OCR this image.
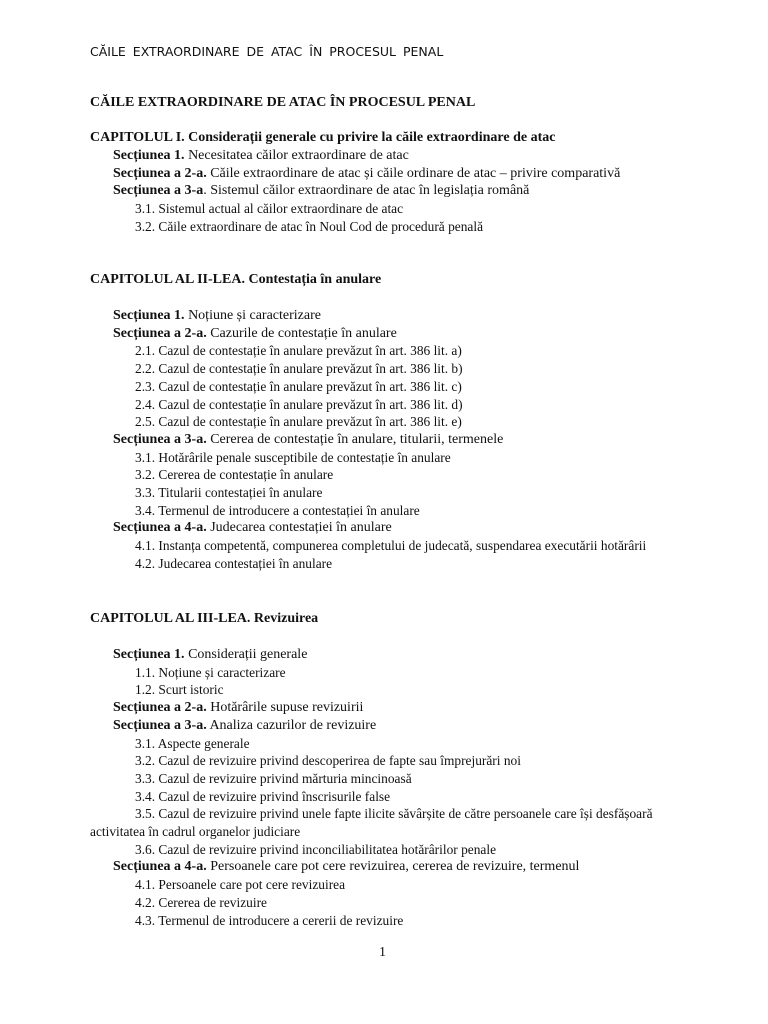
CĂILE EXTRAORDINARE DE ATAC ÎN PROCESUL PENAL
CĂILE EXTRAORDINARE DE ATAC ÎN PROCESUL PENAL

CAPITOLUL I. Considerații generale cu privire la căile extraordinare de atac

Secțiunea 1. Necesitatea căilor extraordinare de atac

Secțiunea a 2-a. Căile extraordinare de atac și căile ordinare de atac – privire comparativă

Secțiunea a 3-a. Sistemul căilor extraordinare de atac în legislația română

3.1. Sistemul actual al căilor extraordinare de atac

3.2. Căile extraordinare de atac în Noul Cod de procedură penală

CAPITOLUL AL II-LEA. Contestația în anulare

Secțiunea 1. Noțiune și caracterizare

Secțiunea a 2-a. Cazurile de contestație în anulare

2.1. Cazul de contestație în anulare prevăzut în art. 386 lit. a)

2.2. Cazul de contestație în anulare prevăzut în art. 386 lit. b)

2.3. Cazul de contestație în anulare prevăzut în art. 386 lit. c)

2.4. Cazul de contestație în anulare prevăzut în art. 386 lit. d)

2.5. Cazul de contestație în anulare prevăzut în art. 386 lit. e)

Secțiunea a 3-a. Cererea de contestație în anulare, titularii, termenele

3.1. Hotărârile penale susceptibile de contestație în anulare

3.2. Cererea de contestație în anulare

3.3. Titularii contestației în anulare

3.4. Termenul de introducere a contestației în anulare

Secțiunea a 4-a. Judecarea contestației în anulare

4.1. Instanța competentă, compunerea completului de judecată, suspendarea executării hotărârii

4.2. Judecarea contestației în anulare

CAPITOLUL AL III-LEA. Revizuirea

Secțiunea 1. Considerații generale

1.1. Noțiune și caracterizare

1.2. Scurt istoric

Secțiunea a 2-a. Hotărârile supuse revizuirii

Secțiunea a 3-a. Analiza cazurilor de revizuire

3.1. Aspecte generale

3.2. Cazul de revizuire privind descoperirea de fapte sau împrejurări noi

3.3. Cazul de revizuire privind mărturia mincinoasă

3.4. Cazul de revizuire privind înscrisurile false

3.5. Cazul de revizuire privind unele fapte ilicite săvârșite de către persoanele care își desfășoară activitatea în cadrul organelor judiciare

3.6. Cazul de revizuire privind inconciliabilitatea hotărârilor penale

Secțiunea a 4-a. Persoanele care pot cere revizuirea, cererea de revizuire, termenul

4.1. Persoanele care pot cere revizuirea

4.2. Cererea de revizuire

4.3. Termenul de introducere a cererii de revizuire

1
